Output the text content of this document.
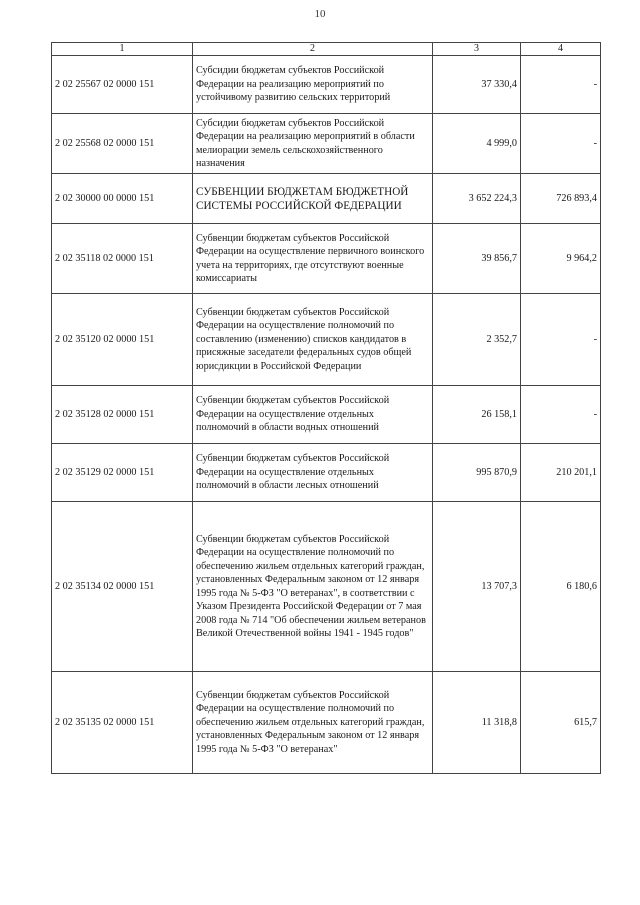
10
1	2	3	4
2 02 25567 02 0000 151	Субсидии бюджетам субъектов Российской Федерации на реализацию мероприятий по устойчивому развитию сельских территорий	37 330,4	-
2 02 25568 02 0000 151	Субсидии бюджетам субъектов Российской Федерации на реализацию мероприятий в области мелиорации земель сельскохозяйственного назначения	4 999,0	-
2 02 30000 00 0000 151	СУБВЕНЦИИ БЮДЖЕТАМ БЮДЖЕТНОЙ СИСТЕМЫ РОССИЙСКОЙ ФЕДЕРАЦИИ	3 652 224,3	726 893,4
2 02 35118 02 0000 151	Субвенции бюджетам субъектов Российской Федерации на осуществление первичного воинского учета на территориях, где отсутствуют военные комиссариаты	39 856,7	9 964,2
2 02 35120 02 0000 151	Субвенции бюджетам субъектов Российской Федерации на осуществление полномочий по составлению (изменению) списков кандидатов в присяжные заседатели федеральных судов общей юрисдикции в Российской Федерации	2 352,7	-
2 02 35128 02 0000 151	Субвенции бюджетам субъектов Российской Федерации на осуществление отдельных полномочий в области водных отношений	26 158,1	-
2 02 35129 02 0000 151	Субвенции бюджетам субъектов Российской Федерации на осуществление отдельных полномочий в области лесных отношений	995 870,9	210 201,1
2 02 35134 02 0000 151	Субвенции бюджетам субъектов Российской Федерации на осуществление полномочий по обеспечению жильем отдельных категорий граждан, установленных Федеральным законом от 12 января 1995 года № 5-ФЗ "О ветеранах", в соответствии с Указом Президента Российской Федерации от 7 мая 2008 года № 714 "Об обеспечении жильем ветеранов Великой Отечественной войны 1941 - 1945 годов"	13 707,3	6 180,6
2 02 35135 02 0000 151	Субвенции бюджетам субъектов Российской Федерации на осуществление полномочий по обеспечению жильем отдельных категорий граждан, установленных Федеральным законом от 12 января 1995 года № 5-ФЗ "О ветеранах"	11 318,8	615,7
